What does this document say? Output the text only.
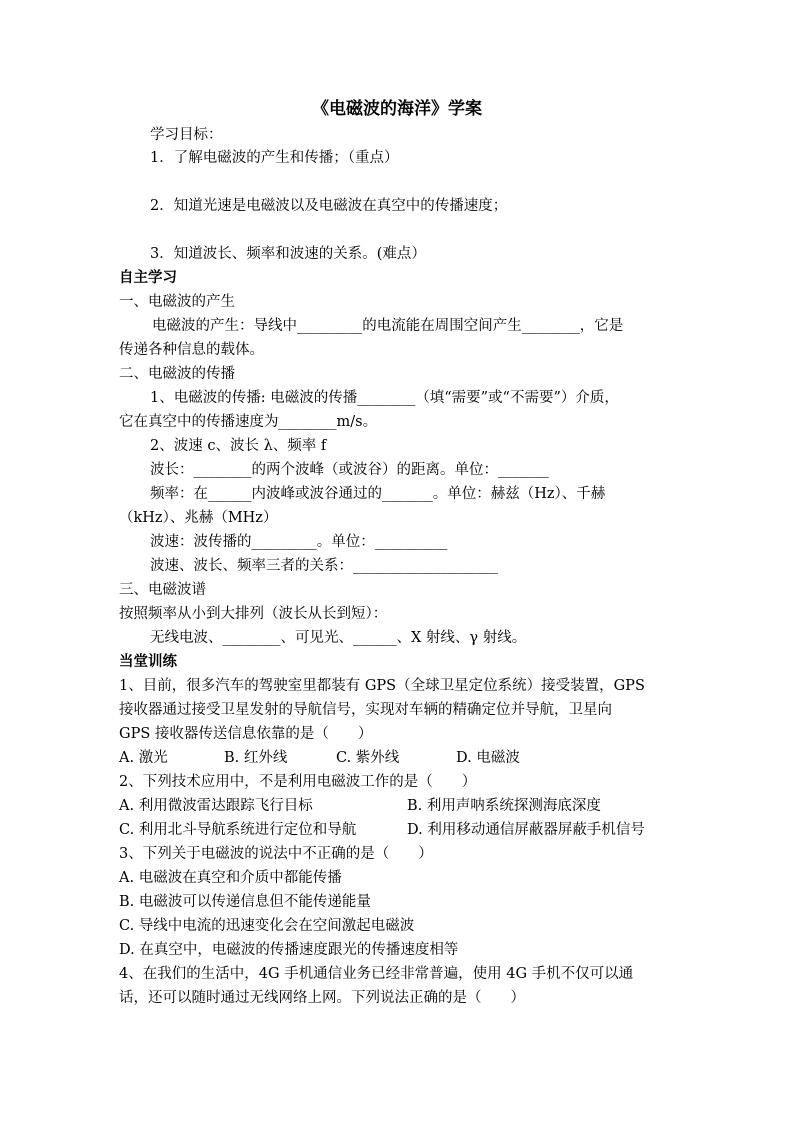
《电磁波的海洋》学案
学习目标：
1．了解电磁波的产生和传播；（重点）
2．知道光速是电磁波以及电磁波在真空中的传播速度；
3．知道波长、频率和波速的关系。(难点）
自主学习
一、电磁波的产生
电磁波的产生：导线中_________的电流能在周围空间产生________，它是
传递各种信息的载体。
二、电磁波的传播
1、电磁波的传播: 电磁波的传播________（填“需要”或“不需要”）介质，
它在真空中的传播速度为________m/s。
2、波速 c、波长 λ、频率 f
波长：________的两个波峰（或波谷）的距离。单位：_______
频率：在______内波峰或波谷通过的_______。单位：赫兹（Hz）、千赫
（kHz）、兆赫（MHz）
波速：波传播的_________。单位：__________
波速、波长、频率三者的关系：____________________
三、电磁波谱
按照频率从小到大排列（波长从长到短）：
无线电波、________、可见光、______、X 射线、γ 射线。
当堂训练
1、目前，很多汽车的驾驶室里都装有 GPS（全球卫星定位系统）接受装置，GPS
接收器通过接受卫星发射的导航信号，实现对车辆的精确定位并导航，卫星向
GPS 接收器传送信息依靠的是（　　）
A. 激光	B. 红外线	C. 紫外线	D. 电磁波
2、下列技术应用中，不是利用电磁波工作的是（　　）
A. 利用微波雷达跟踪飞行目标	B. 利用声呐系统探测海底深度
C. 利用北斗导航系统进行定位和导航	D. 利用移动通信屏蔽器屏蔽手机信号
3、下列关于电磁波的说法中不正确的是（　　）
A. 电磁波在真空和介质中都能传播
B. 电磁波可以传递信息但不能传递能量
C. 导线中电流的迅速变化会在空间激起电磁波
D. 在真空中，电磁波的传播速度跟光的传播速度相等
4、在我们的生活中，4G 手机通信业务已经非常普遍，使用 4G 手机不仅可以通
话，还可以随时通过无线网络上网。下列说法正确的是（　　）
